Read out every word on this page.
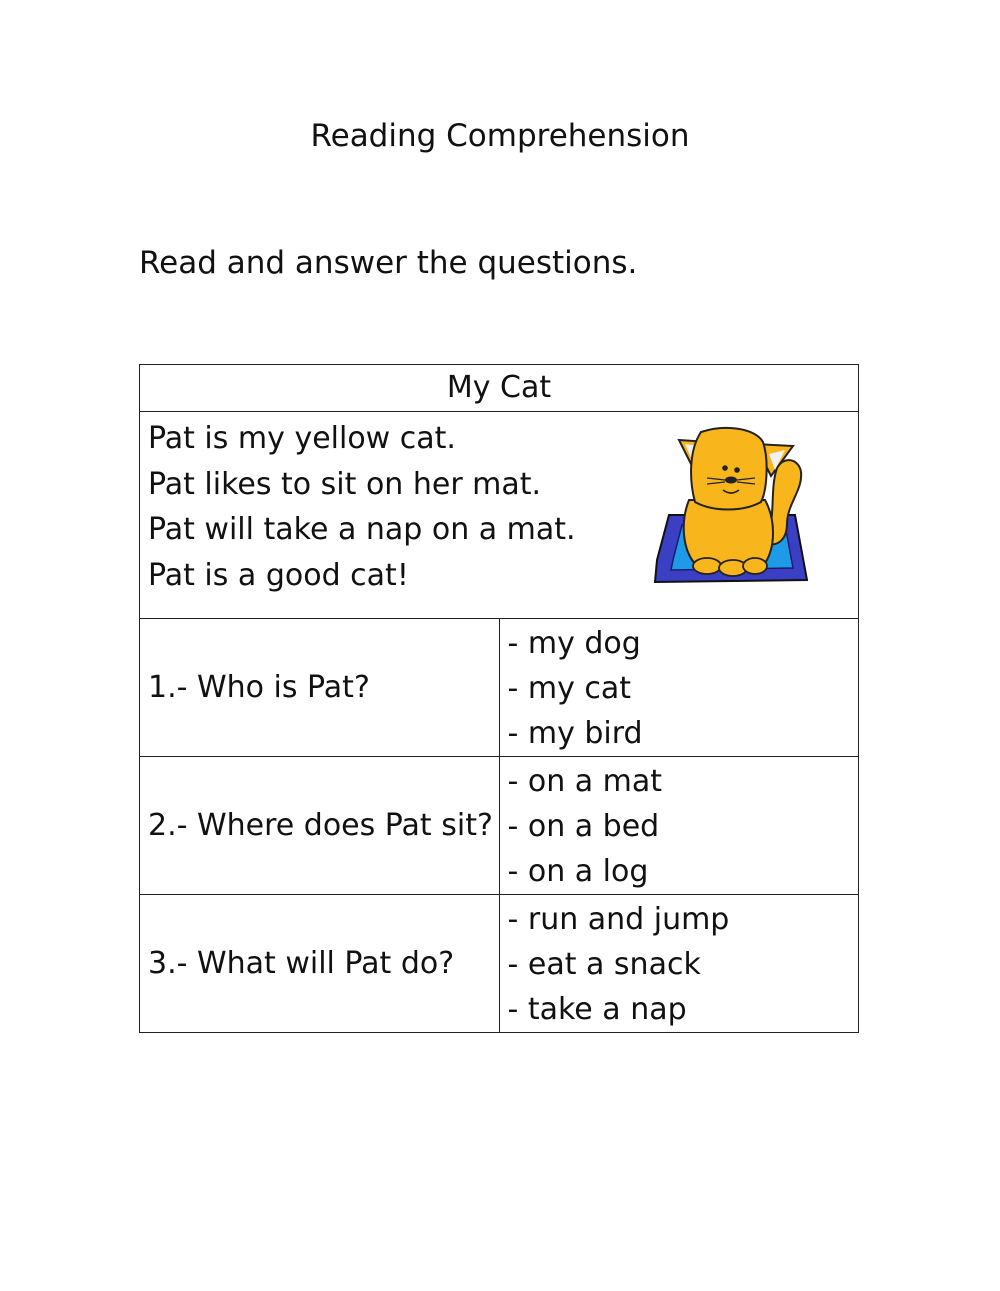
Reading Comprehension
Read and answer the questions.
My Cat	

Pat is my yellow cat.
Pat likes to sit on her mat.
Pat will take a nap on a mat.
Pat is a good cat!	

1.- Who is Pat?	- my dog
- my cat
- my bird

2.- Where does Pat sit?	- on a mat
- on a bed
- on a log

3.- What will Pat do?	- run and jump
- eat a snack
- take a nap
